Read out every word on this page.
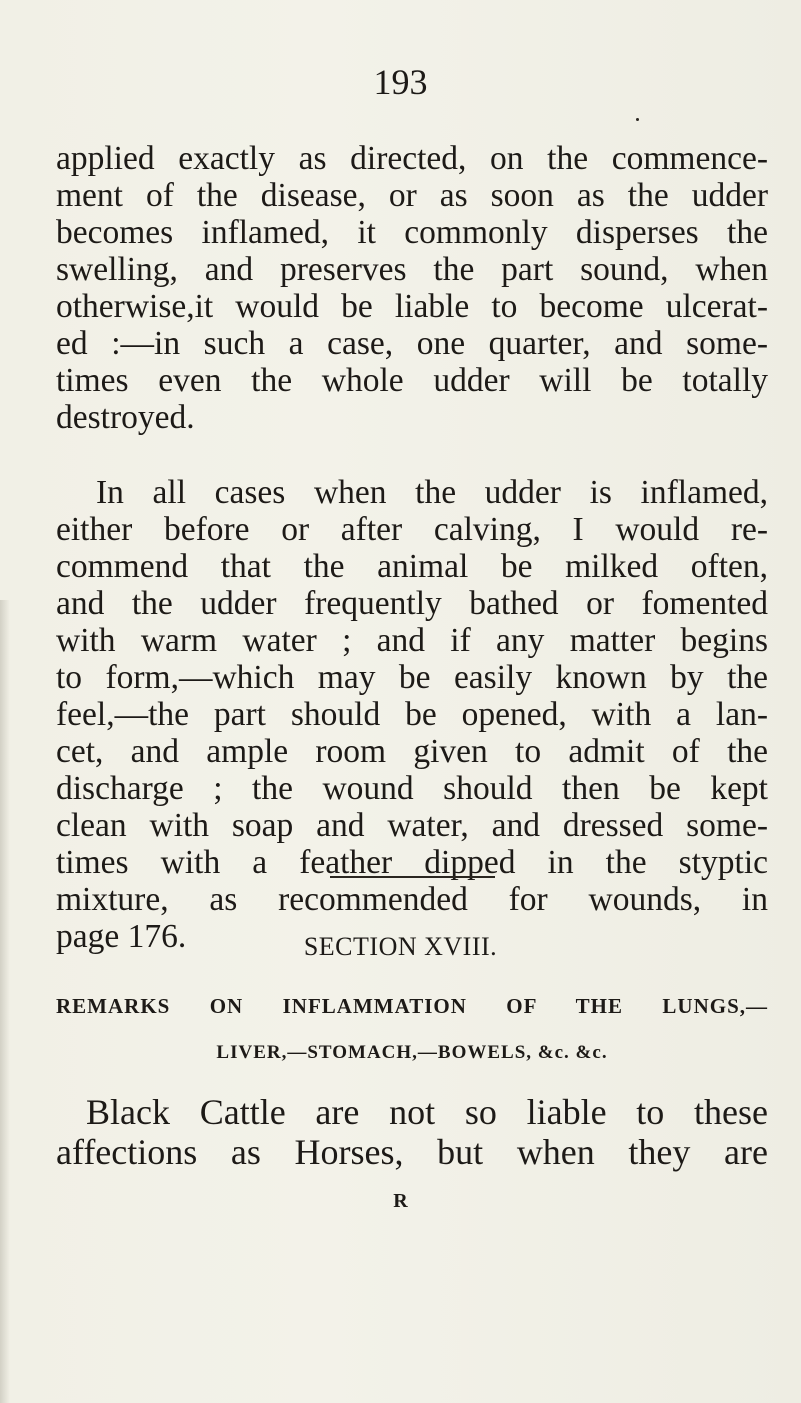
193
applied exactly as directed, on the commence-
ment of the disease, or as soon as the udder
becomes inflamed, it commonly disperses the
swelling, and preserves the part sound, when
otherwise,it would be liable to become ulcerat-
ed :—in such a case, one quarter, and some-
times even the whole udder will be totally
destroyed.
In all cases when the udder is inflamed,
either before or after calving, I would re-
commend that the animal be milked often,
and the udder frequently bathed or fomented
with warm water ; and if any matter begins
to form,—which may be easily known by the
feel,—the part should be opened, with a lan-
cet, and ample room given to admit of the
discharge ; the wound should then be kept
clean with soap and water, and dressed some-
times with a feather dipped in the styptic
mixture, as recommended for wounds, in
page 176.	SECTION XVIII.
REMARKS ON INFLAMMATION OF THE LUNGS,—
LIVER,—STOMACH,—BOWELS, &c. &c.
Black Cattle are not so liable to these
affections as Horses, but when they are
R
